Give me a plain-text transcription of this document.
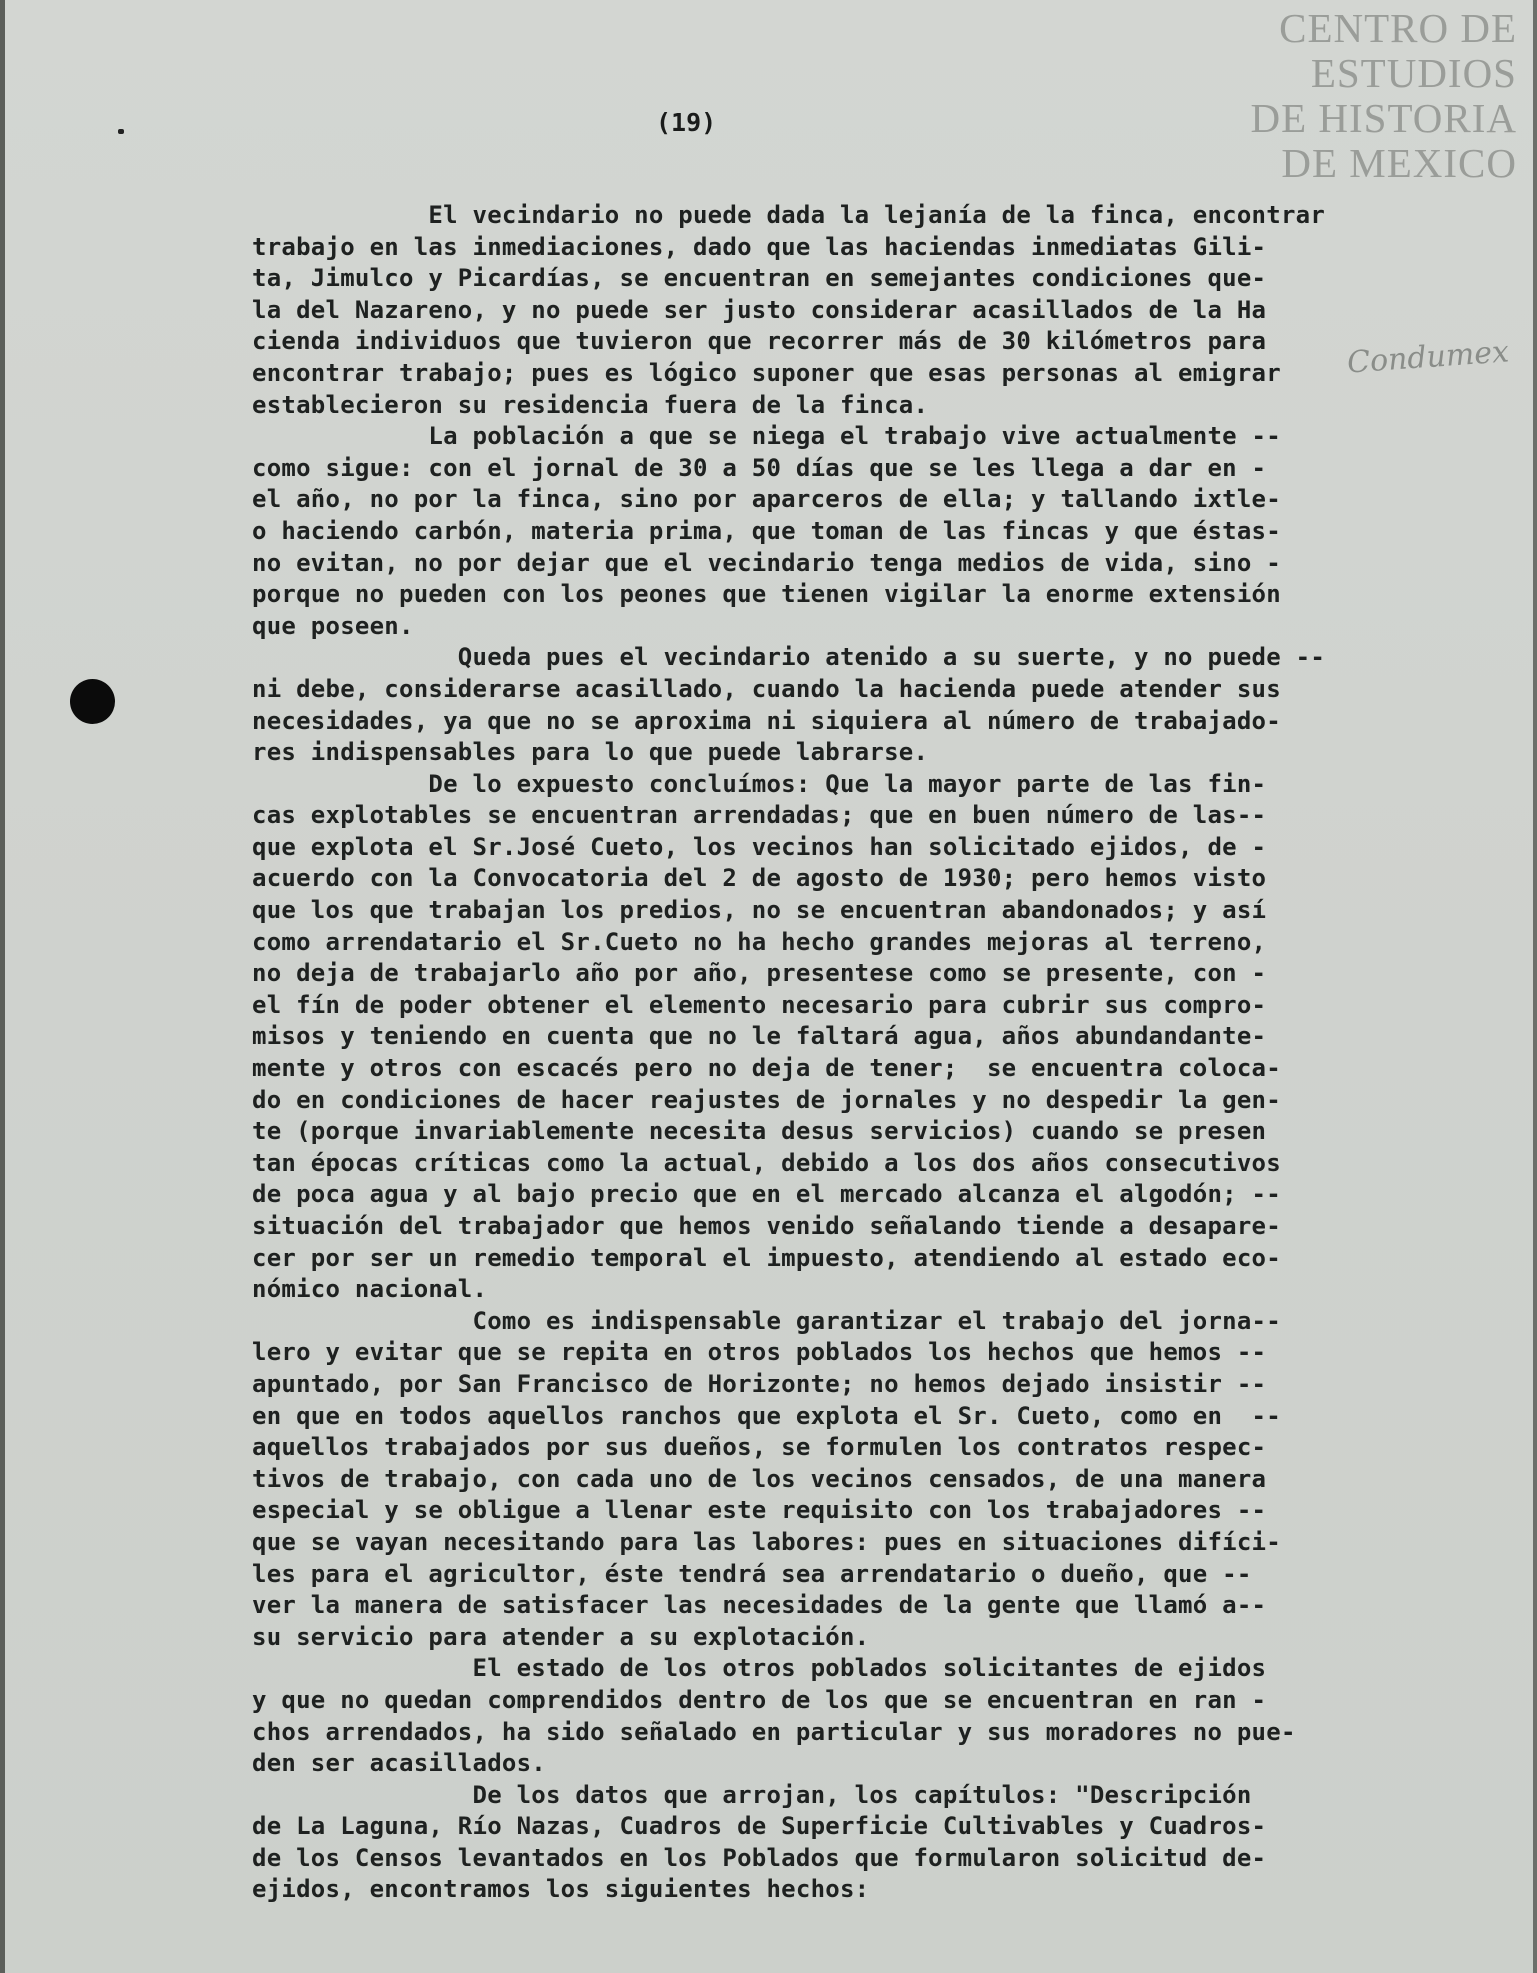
CENTRO DE
ESTUDIOS
DE HISTORIA
DE MEXICO
Condumex
(19)
El vecindario no puede dada la lejanía de la finca, encontrar
trabajo en las inmediaciones, dado que las haciendas inmediatas Gili-
ta, Jimulco y Picardías, se encuentran en semejantes condiciones que-
la del Nazareno, y no puede ser justo considerar acasillados de la Ha
cienda individuos que tuvieron que recorrer más de 30 kilómetros para
encontrar trabajo; pues es lógico suponer que esas personas al emigrar
establecieron su residencia fuera de la finca.
La población a que se niega el trabajo vive actualmente --
como sigue: con el jornal de 30 a 50 días que se les llega a dar en -
el año, no por la finca, sino por aparceros de ella; y tallando ixtle-
o haciendo carbón, materia prima, que toman de las fincas y que éstas-
no evitan, no por dejar que el vecindario tenga medios de vida, sino -
porque no pueden con los peones que tienen vigilar la enorme extensión
que poseen.
Queda pues el vecindario atenido a su suerte, y no puede --
ni debe, considerarse acasillado, cuando la hacienda puede atender sus
necesidades, ya que no se aproxima ni siquiera al número de trabajado-
res indispensables para lo que puede labrarse.
De lo expuesto concluímos: Que la mayor parte de las fin-
cas explotables se encuentran arrendadas; que en buen número de las--
que explota el Sr.José Cueto, los vecinos han solicitado ejidos, de -
acuerdo con la Convocatoria del 2 de agosto de 1930; pero hemos visto
que los que trabajan los predios, no se encuentran abandonados; y así
como arrendatario el Sr.Cueto no ha hecho grandes mejoras al terreno,
no deja de trabajarlo año por año, presentese como se presente, con -
el fín de poder obtener el elemento necesario para cubrir sus compro-
misos y teniendo en cuenta que no le faltará agua, años abundandante-
mente y otros con escacés pero no deja de tener;  se encuentra coloca-
do en condiciones de hacer reajustes de jornales y no despedir la gen-
te (porque invariablemente necesita desus servicios) cuando se presen
tan épocas críticas como la actual, debido a los dos años consecutivos
de poca agua y al bajo precio que en el mercado alcanza el algodón; --
situación del trabajador que hemos venido señalando tiende a desapare-
cer por ser un remedio temporal el impuesto, atendiendo al estado eco-
nómico nacional.
Como es indispensable garantizar el trabajo del jorna--
lero y evitar que se repita en otros poblados los hechos que hemos --
apuntado, por San Francisco de Horizonte; no hemos dejado insistir --
en que en todos aquellos ranchos que explota el Sr. Cueto, como en  --
aquellos trabajados por sus dueños, se formulen los contratos respec-
tivos de trabajo, con cada uno de los vecinos censados, de una manera
especial y se obligue a llenar este requisito con los trabajadores --
que se vayan necesitando para las labores: pues en situaciones difíci-
les para el agricultor, éste tendrá sea arrendatario o dueño, que --
ver la manera de satisfacer las necesidades de la gente que llamó a--
su servicio para atender a su explotación.
El estado de los otros poblados solicitantes de ejidos
y que no quedan comprendidos dentro de los que se encuentran en ran -
chos arrendados, ha sido señalado en particular y sus moradores no pue-
den ser acasillados.
De los datos que arrojan, los capítulos: "Descripción
de La Laguna, Río Nazas, Cuadros de Superficie Cultivables y Cuadros-
de los Censos levantados en los Poblados que formularon solicitud de-
ejidos, encontramos los siguientes hechos:
